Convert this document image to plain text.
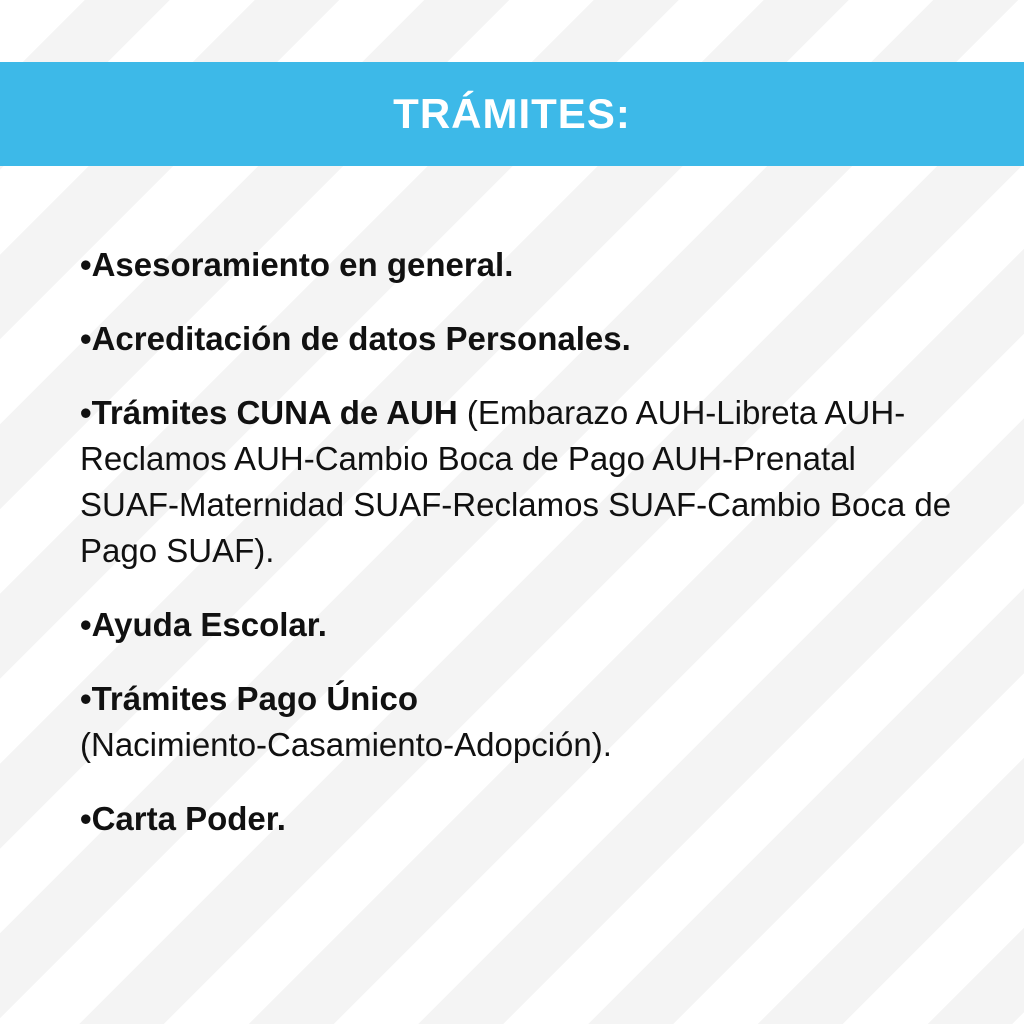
TRÁMITES:
•Asesoramiento en general.
•Acreditación de datos Personales.
•Trámites CUNA de AUH (Embarazo AUH-Libreta AUH-Reclamos AUH-Cambio Boca de Pago AUH-Prenatal SUAF-Maternidad SUAF-Reclamos SUAF-Cambio Boca de Pago SUAF).
•Ayuda Escolar.
•Trámites Pago Único
(Nacimiento-Casamiento-Adopción).
•Carta Poder.
